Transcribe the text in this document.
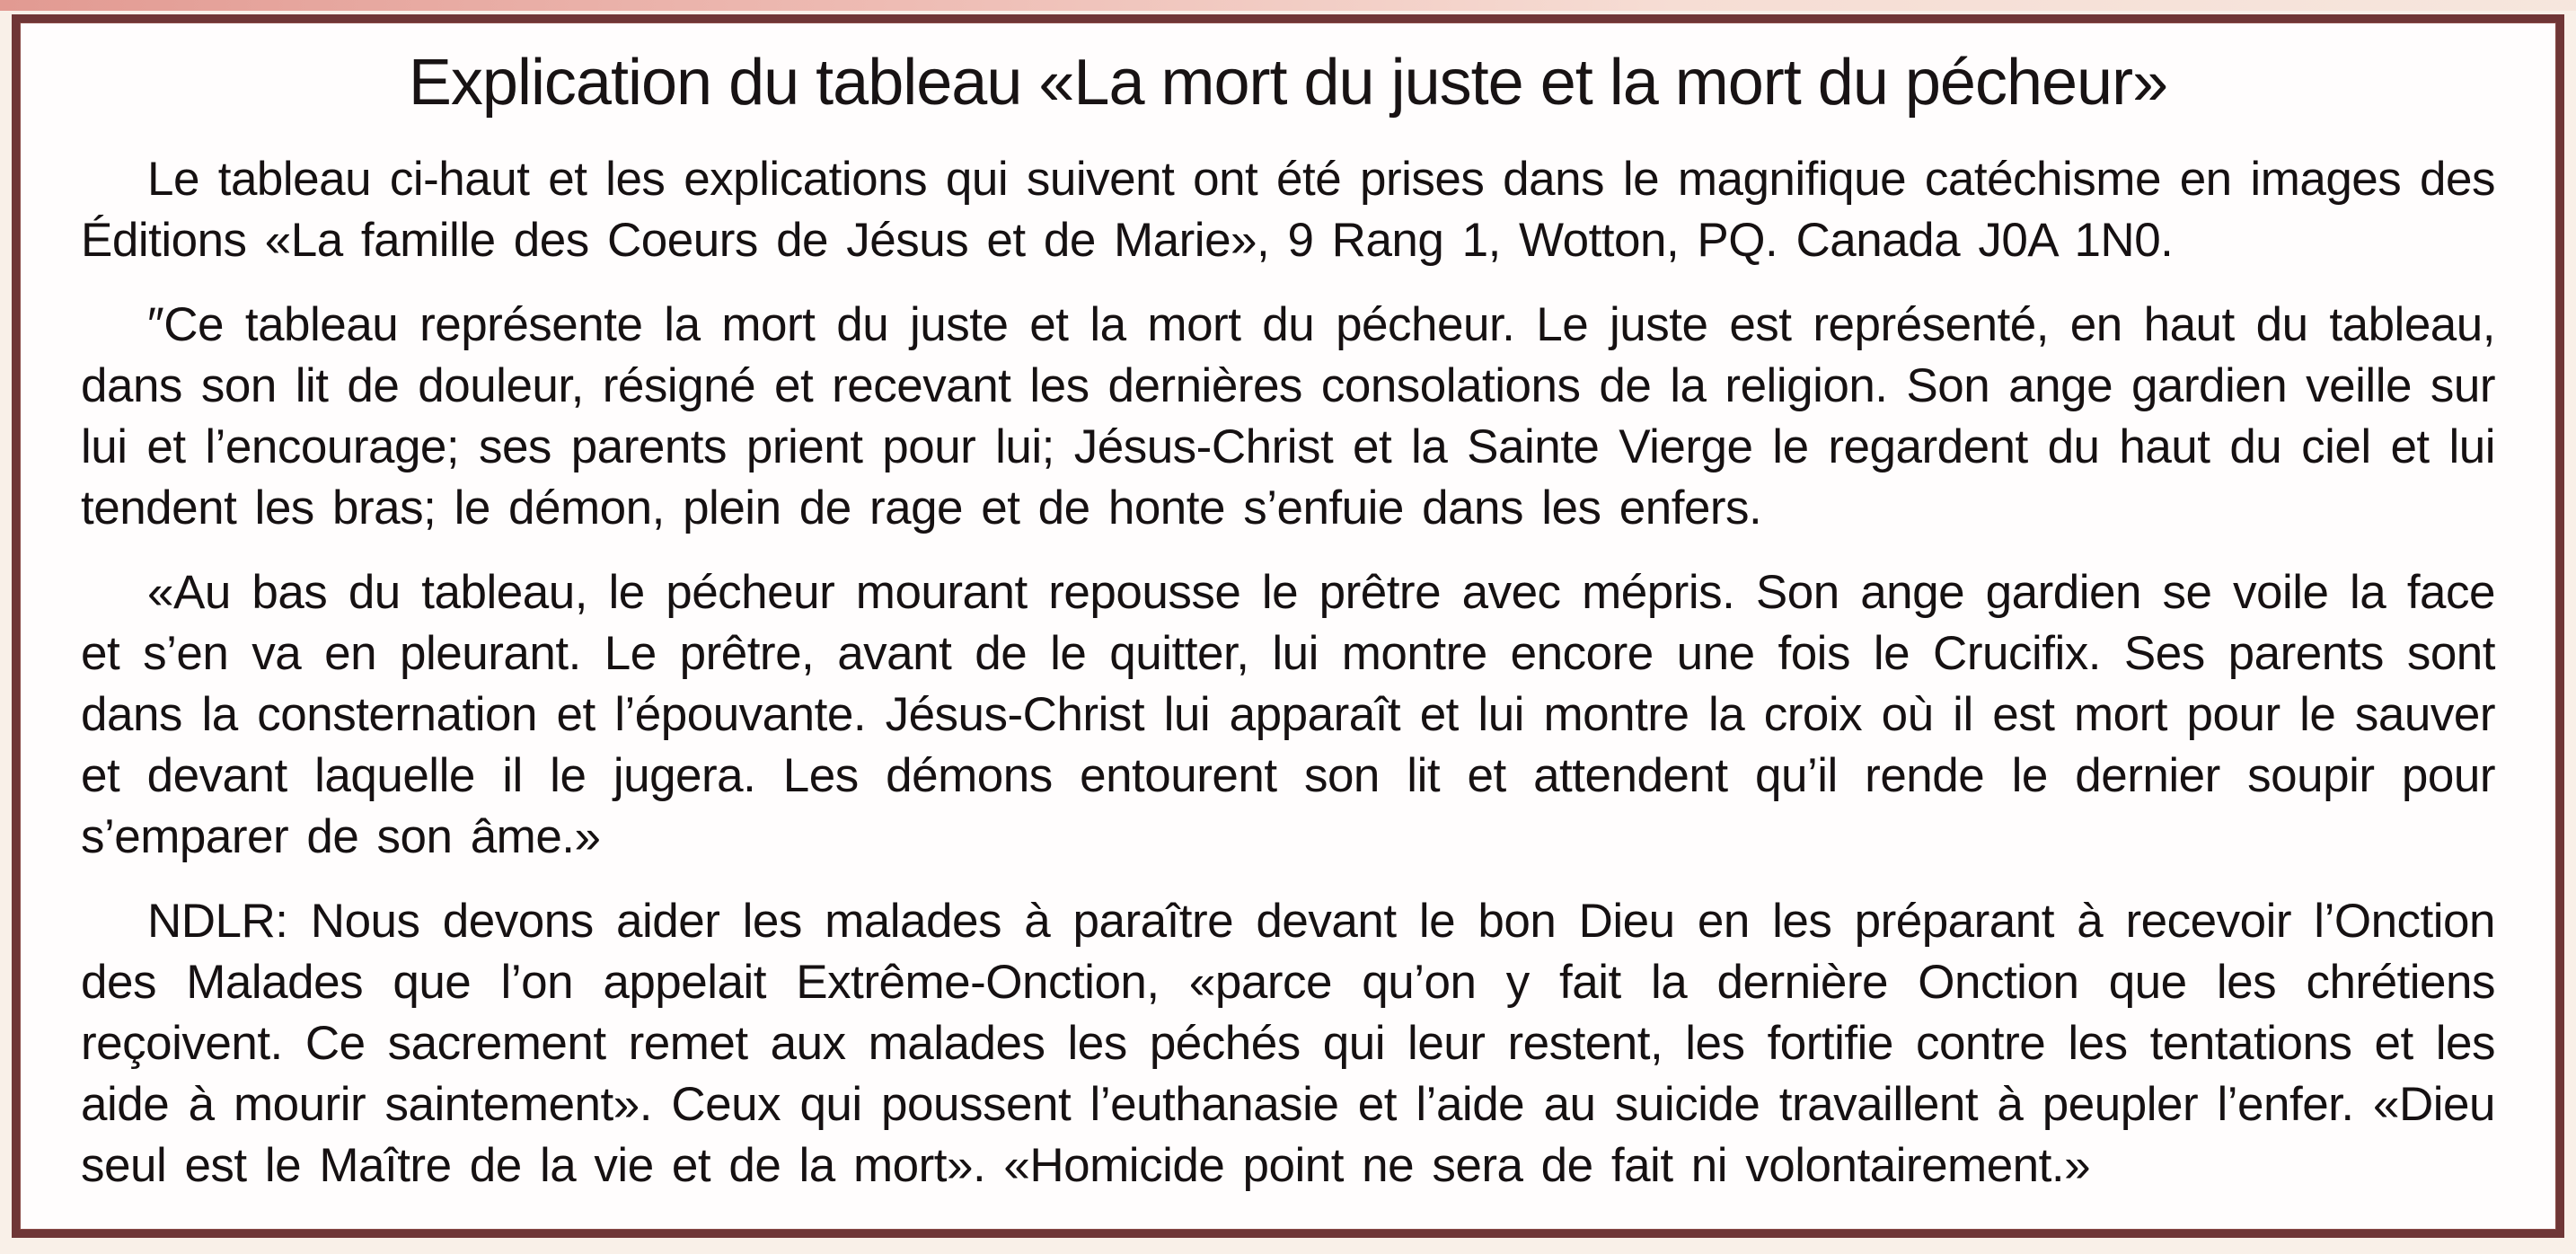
Explication du tableau «La mort du juste et la mort du pécheur»

Le tableau ci-haut et les explications qui suivent ont été prises dans le magnifique catéchisme en images des Éditions «La famille des Coeurs de Jésus et de Marie», 9 Rang 1, Wotton, PQ. Canada J0A 1N0.

″Ce tableau représente la mort du juste et la mort du pécheur. Le juste est représenté, en haut du tableau, dans son lit de douleur, résigné et recevant les dernières consolations de la religion. Son ange gardien veille sur lui et l’encourage; ses parents prient pour lui; Jésus-Christ et la Sainte Vierge le regardent du haut du ciel et lui tendent les bras; le démon, plein de rage et de honte s’enfuie dans les enfers.

«Au bas du tableau, le pécheur mourant repousse le prêtre avec mépris. Son ange gardien se voile la face et s’en va en pleurant. Le prêtre, avant de le quitter, lui montre encore une fois le Crucifix. Ses parents sont dans la consternation et l’épouvante. Jésus-Christ lui apparaît et lui montre la croix où il est mort pour le sauver et devant laquelle il le jugera. Les démons entourent son lit et attendent qu’il rende le dernier soupir pour s’emparer de son âme.»

NDLR: Nous devons aider les malades à paraître devant le bon Dieu en les préparant à recevoir l’Onction des Malades que l’on appelait Extrême-Onction, «parce qu’on y fait la dernière Onction que les chrétiens reçoivent. Ce sacrement remet aux malades les péchés qui leur restent, les fortifie contre les tentations et les aide à mourir saintement». Ceux qui poussent l’euthanasie et l’aide au suicide travaillent à peupler l’enfer. «Dieu seul est le Maître de la vie et de la mort». «Homicide point ne sera de fait ni volontairement.»
